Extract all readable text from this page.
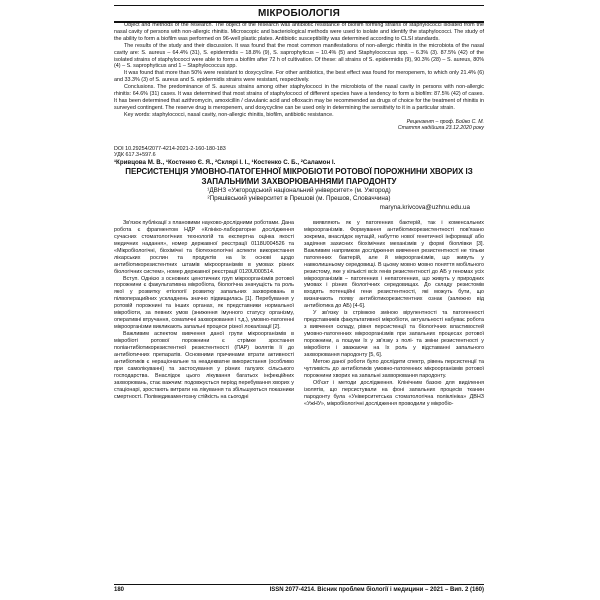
МІКРОБІОЛОГІЯ

Object and methods of the research. The object of the research was antibiotic resistance of biofilm forming strains of staphylococci isolated from the nasal cavity of persons with non-allergic rhinitis. Microscopic and bacteriological methods were used to isolate and identify the staphylococci. The study of the ability to form a biofilm was performed on 96-well plastic plates. Antibiotic susceptibility was determined according to CLSI standards.

The results of the study and their discussion. It was found that the most common manifestations of non-allergic rhinitis in the microbiota of the nasal cavity are: S. aureus – 64.4% (31), S. epidermidis – 18.8% (9), S. saprophyticus – 10.4% (5) and Staphylococcus spp. – 6.3% (3). 87.5% (42) of the isolated strains of staphylococci were able to form a biofilm after 72 h of cultivation. Of these: all strains of S. epidermidis (9), 90.3% (28) – S. aureus, 80% (4) – S. saprophyticus and 1 – Staphylococcus spp.

It was found that more than 50% were resistant to doxycycline. For other antibiotics, the best effect was found for meropenem, to which only 21.4% (6) and 33.3% (3) of S. aureus and S. epidermidis strains were resistant, respectively.

Conclusions. The predominance of S. aureus strains among other staphylococci in the microbiota of the nasal cavity in persons with non-allergic rhinitis: 64.6% (31) cases. It was determined that most strains of staphylococci of different species have a tendency to form a biofilm: 87.5% (42) of cases. It has been determined that azithromycin, amoxicillin / clavulanic acid and ofloxacin may be recommended as drugs of choice for the treatment of rhinitis in surveyed contingent. The reserve drug is meropenem, and doxycycline can be used only in determining the sensitivity to it in a particular strain.

Key words: staphylococci, nasal cavity, non-allergic rhinitis, biofilm, antibiotic resistance.

Рецензент – проф. Бойко С. М.
Стаття надійшла 23.12.2020 року
DOI 10.29254/2077-4214-2021-2-160-180-183
УДК 617.3+597.6
¹Кривцова М. В., ¹Костенко Є. Я., ²Склярі І. І., ¹Костенко С. Б., ²Саламон І.
ПЕРСИСТЕНЦІЯ УМОВНО-ПАТОГЕННОЇ МІКРОБІОТИ РОТОВОЇ ПОРОЖНИНИ ХВОРИХ ІЗ ЗАПАЛЬНИМИ ЗАХВОРЮВАННЯМИ ПАРОДОНТУ
¹ДВНЗ «Ужгородський національний університет» (м. Ужгород)
²Пряшівський університет в Прешові (м. Прешов, Словаччина)
maryna.krivcova@uzhnu.edu.ua

Зв'язок публікації з плановими науково-дослідними роботами. Дана робота є фрагментом НДР «Клініко-лабораторне дослідження сучасних стоматологічних технологій та експертна оцінка якості медичних надання», номер державної реєстрації 0118U004526 та «Мікробіологічні, біохімічні та біотехнологічні аспекти використання лікарських рослин та продуктів на їх основі щодо антибіотикорезистентних штамів мікроорганізмів в умовах різних біологічних систем», номер державної реєстрації 0120U000514.

Вступ. Однією з основних ценотичних груп мікроорганізмів ротової порожнини є факультативна мікробіота, біологічна значущість та роль якої у розвитку етіології розвитку запальних захворювань в пілвоперацийних ускладнень значно підвищилась [1]. Перебування у ротовій порожнині та інших органах, як представники нормальної мікробіоти, за певних умов (зниження імунного статусу організму, оперативні втручання, соматичні захворювання і т.д.), умовно-патогенні мікроорганізми викликають запальні процеси різної локалізації [2].

Важливим аспектом вивчення даної групи мікроорганізмів в мікробіоті ротової порожнини є стрімке зростання поліантибіотикорезистентної резистентності (ПАР) ізолятів її до антибіотичних препаратів. Основними причинами втрати активності антибіотиків є нераціональне та неадекватне використання (особливо при самолікуванні) та застосування у різних галузях сільського господарства. Внаслідок цього лікування багатьох інфекційних захворювань, стає важчим: подовжується період перебування хворих у стаціонарі, зростають витрати на лікування та збільшуються показники смертності. Полімедикаментозну стійкість на сьогодні

виявляють як у патогенних бактерій, так і коменсальних мікроорганізмів. Формування антибіотикорезистентності пов'язано зокрема, внаслідок мутацій, набуттю нової генетичної інформації або задіяння захисних біохімічних механізмів у формі біоплівки [3]. Важливим напрямком дослідження вивчення резистентності не тільки патогенних бактерій, але й мікроорганізмів, що живуть у навколишньому середовищі. В цьому мовно мовно поняття мобільного резистому, яке у кількісті всіх генів резистентності до АБ у геномах усіх мікроорганізмів – патогенних і непатогенних, що живуть у природних умовах і різних біологічних середовищах. До складу резистомів входять потенційні гени резистентності, які можуть бути, що визначають появу антибіотикорезистентних ознак (залежно від антибіотика до АБ) [4-6].

У зв'язку із стрімкою зміною вірулентності та патогенності представників факультативної мікробіоти, актуальності набуває робота з вивчення складу, рівня персистенції та біологічних властивостей умовно-патогенних мікроорганізмів при запальних процесах ротової порожнини, а пошуки їх у зв'язку з полі- та зміни резистентності у мікробіоти і зважаючи на їх роль у відставанні запального захворювання пародонту [5, 6].

Метою даної роботи було дослідити спектр, рівень персистенції та чутливість до антибіотиків умовно-патогенних мікроорганізмів ротової порожнини хворих на запальні захворювання пародонту.

Об'єкт і методи дослідження. Клінічним базою для виділення ізолятів, що персистували на фоні запальних процесів тканин пародонту була «Університетська стоматологічна поліклініка» ДВНЗ «УжНУ», мікробіологічні дослідження проводили у мікробіо-

180	ISSN 2077-4214. Вісник проблем біології і медицини – 2021 – Вип. 2 (160)
